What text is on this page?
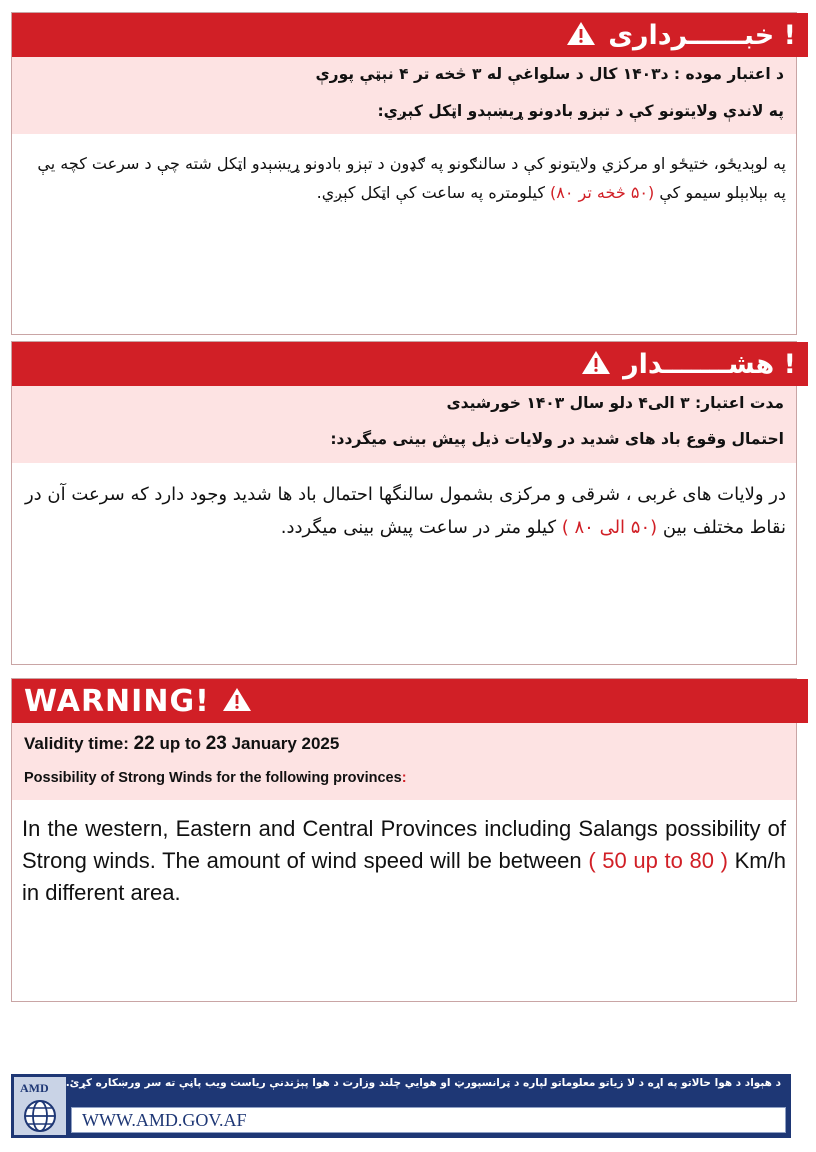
خبــــــرداری !
د اعتبار موده : د۱۴۰۳ کال د سلواغې له ۳ څخه تر ۴ نېټې پورې
په لاندې ولايتونو کې د تېزو بادونو ړيښېدو اټکل کېږي:
په لوېديځو، ختيځو او مرکزي ولايتونو کې د سالنګونو په ګډون د تېزو بادونو ړيښېدو اټکل شته چې د سرعت کچه يې په بېلابېلو سيمو کې (۵۰ څخه تر ۸۰) کيلومتره په ساعت کې اټکل کېږي.
هشـــــــدار !
مدت اعتبار: ۳ الی۴ دلو سال ۱۴۰۳ خورشیدی
احتمال وقوع باد های شدید در ولایات ذیل پیش بینی میگردد:
در ولایات های غربی ، شرقی و مرکزی بشمول سالنگها احتمال باد ها شدید وجود دارد که سرعت آن در نقاط مختلف بین (۵۰ الی ۸۰ ) کیلو متر در ساعت پیش بینی میگردد.
WARNING!
Validity time: 22 up to 23 January 2025
Possibility of Strong Winds for the following provinces:
In the western, Eastern and Central Provinces including Salangs possibility of Strong winds. The amount of wind speed will be between ( 50 up to 80 ) Km/h in different area.
AMD د هېواد د هوا حالاتو په اړه د لا زياتو معلوماتو لپاره د ټرانسپورټ او هوايي چلند وزارت د هوا پېژندنې رياست ويب پاڼې ته سر ورښکاره کړئ.
WWW.AMD.GOV.AF
